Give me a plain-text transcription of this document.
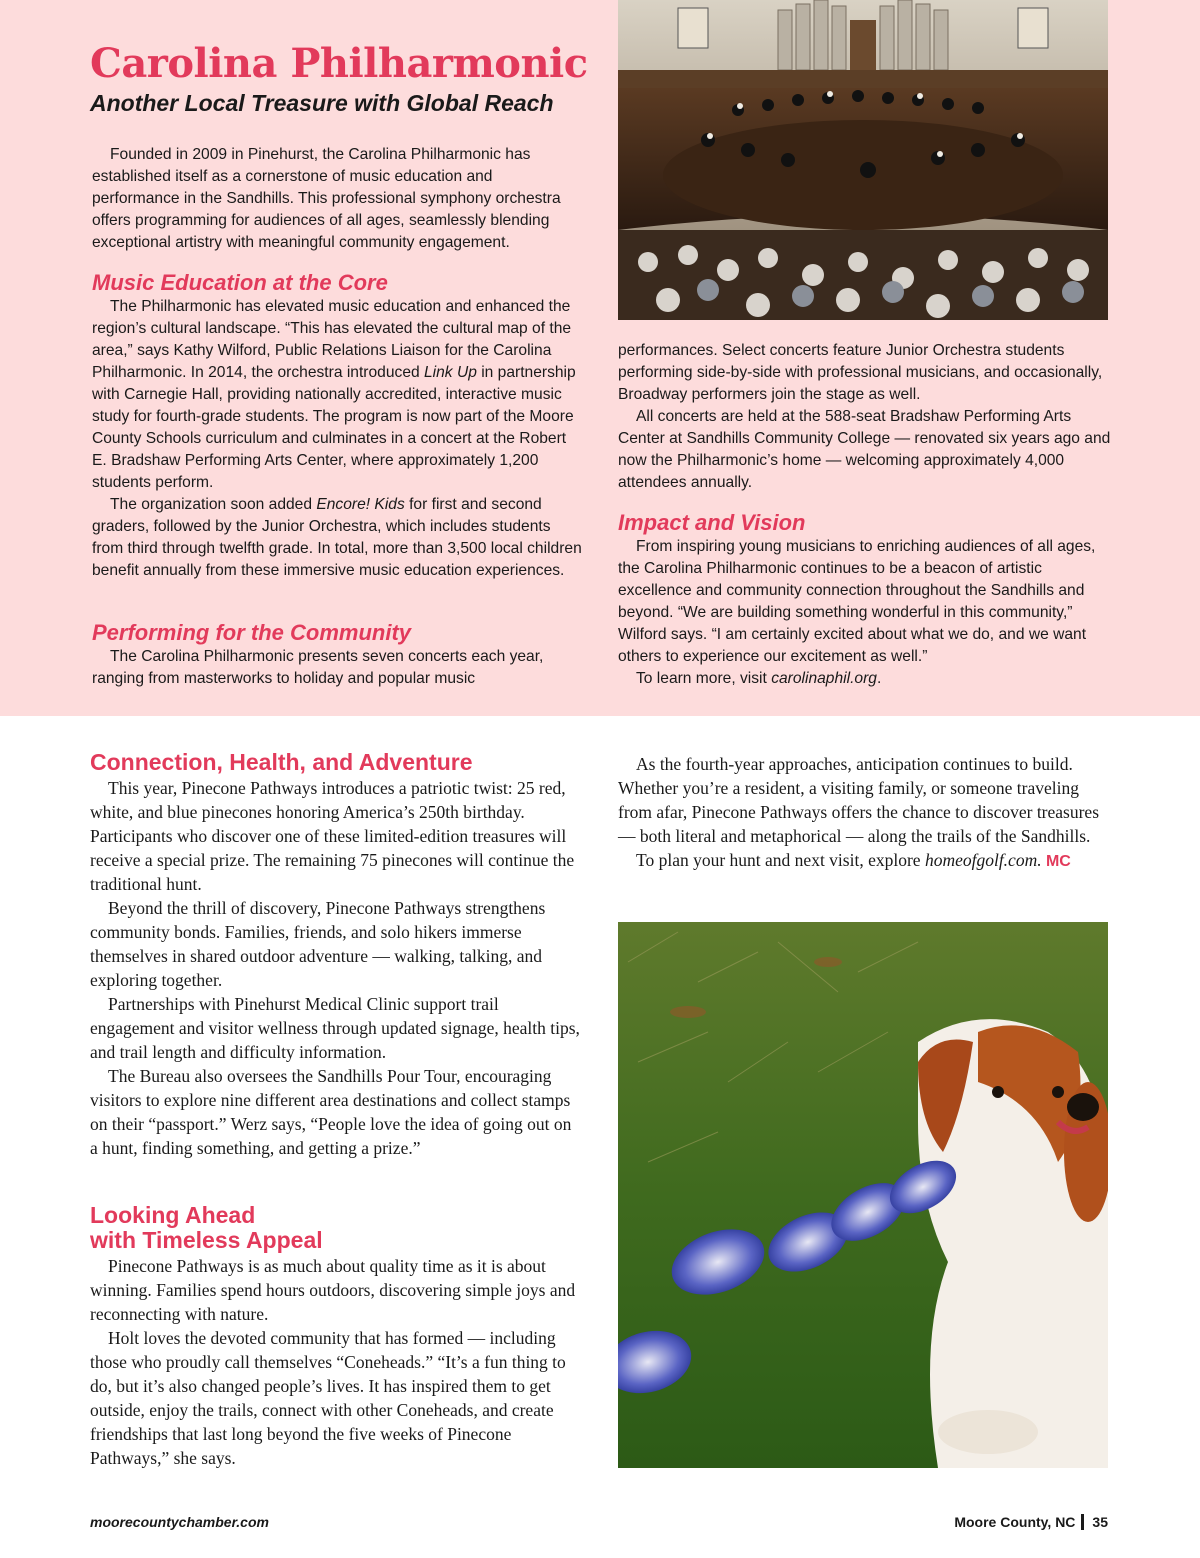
Carolina Philharmonic
Another Local Treasure with Global Reach

Founded in 2009 in Pinehurst, the Carolina Philharmonic has established itself as a cornerstone of music education and performance in the Sandhills. This professional symphony orchestra offers programming for audiences of all ages, seamlessly blending exceptional artistry with meaningful community engagement.

Music Education at the Core

The Philharmonic has elevated music education and enhanced the region’s cultural landscape. “This has elevated the cultural map of the area,” says Kathy Wilford, Public Relations Liaison for the Carolina Philharmonic. In 2014, the orchestra introduced Link Up in partnership with Carnegie Hall, providing nationally accredited, interactive music study for fourth-grade students. The program is now part of the Moore County Schools curriculum and culminates in a concert at the Robert E. Bradshaw Performing Arts Center, where approximately 1,200 students perform.

The organization soon added Encore! Kids for first and second graders, followed by the Junior Orchestra, which includes students from third through twelfth grade. In total, more than 3,500 local children benefit annually from these immersive music education experiences.

Performing for the Community

The Carolina Philharmonic presents seven concerts each year, ranging from masterworks to holiday and popular music

performances. Select concerts feature Junior Orchestra students performing side-by-side with professional musicians, and occasionally, Broadway performers join the stage as well.

All concerts are held at the 588-seat Bradshaw Performing Arts Center at Sandhills Community College — renovated six years ago and now the Philharmonic’s home — welcoming approximately 4,000 attendees annually.

Impact and Vision

From inspiring young musicians to enriching audiences of all ages, the Carolina Philharmonic continues to be a beacon of artistic excellence and community connection throughout the Sandhills and beyond. “We are building something wonderful in this community,” Wilford says. “I am certainly excited about what we do, and we want others to experience our excitement as well.”

To learn more, visit carolinaphil.org.

Connection, Health, and Adventure

This year, Pinecone Pathways introduces a patriotic twist: 25 red, white, and blue pinecones honoring America’s 250th birthday. Participants who discover one of these limited-edition treasures will receive a special prize. The remaining 75 pinecones will continue the traditional hunt.

Beyond the thrill of discovery, Pinecone Pathways strengthens community bonds. Families, friends, and solo hikers immerse themselves in shared outdoor adventure — walking, talking, and exploring together.

Partnerships with Pinehurst Medical Clinic support trail engagement and visitor wellness through updated signage, health tips, and trail length and difficulty information.

The Bureau also oversees the Sandhills Pour Tour, encouraging visitors to explore nine different area destinations and collect stamps on their “passport.” Werz says, “People love the idea of going out on a hunt, finding something, and getting a prize.”

Looking Ahead
with Timeless Appeal

Pinecone Pathways is as much about quality time as it is about winning. Families spend hours outdoors, discovering simple joys and reconnecting with nature.

Holt loves the devoted community that has formed — including those who proudly call themselves “Coneheads.” “It’s a fun thing to do, but it’s also changed people’s lives. It has inspired them to get outside, enjoy the trails, connect with other Coneheads, and create friendships that last long beyond the five weeks of Pinecone Pathways,” she says.

As the fourth-year approaches, anticipation continues to build. Whether you’re a resident, a visiting family, or someone traveling from afar, Pinecone Pathways offers the chance to discover treasures — both literal and metaphorical — along the trails of the Sandhills.

To plan your hunt and next visit, explore homeofgolf.com. MC

moorecountychamber.com	Moore County, NC 35
